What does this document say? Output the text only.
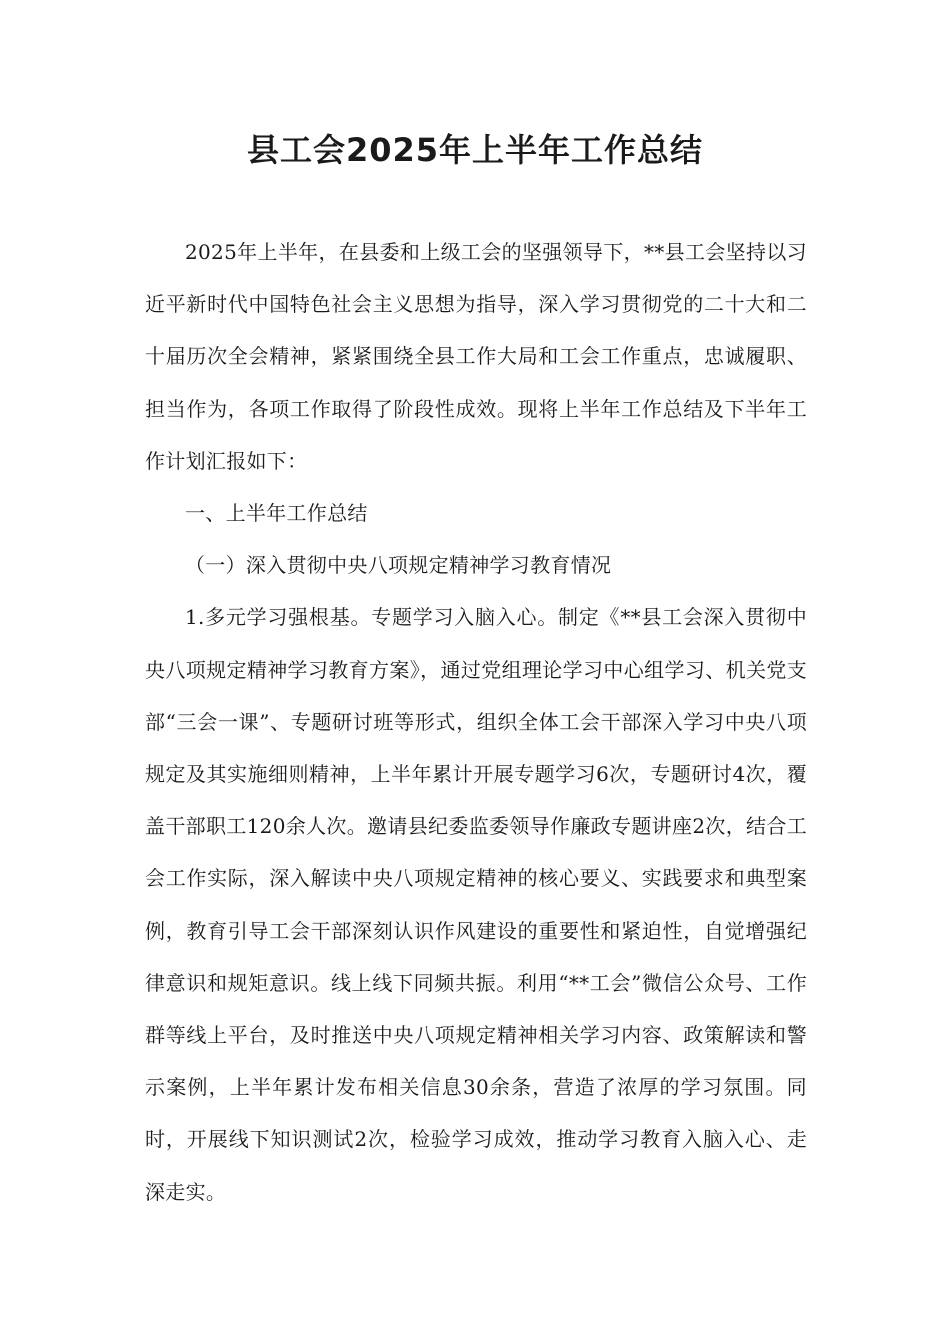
县工会2025年上半年工作总结

2025年上半年，在县委和上级工会的坚强领导下，**县工会坚持以习近平新时代中国特色社会主义思想为指导，深入学习贯彻党的二十大和二十届历次全会精神，紧紧围绕全县工作大局和工会工作重点，忠诚履职、担当作为，各项工作取得了阶段性成效。现将上半年工作总结及下半年工作计划汇报如下：

一、上半年工作总结

（一）深入贯彻中央八项规定精神学习教育情况

1.多元学习强根基。专题学习入脑入心。制定《**县工会深入贯彻中央八项规定精神学习教育方案》，通过党组理论学习中心组学习、机关党支部“三会一课”、专题研讨班等形式，组织全体工会干部深入学习中央八项规定及其实施细则精神，上半年累计开展专题学习6次，专题研讨4次，覆盖干部职工120余人次。邀请县纪委监委领导作廉政专题讲座2次，结合工会工作实际，深入解读中央八项规定精神的核心要义、实践要求和典型案例，教育引导工会干部深刻认识作风建设的重要性和紧迫性，自觉增强纪律意识和规矩意识。线上线下同频共振。利用“**工会”微信公众号、工作群等线上平台，及时推送中央八项规定精神相关学习内容、政策解读和警示案例，上半年累计发布相关信息30余条，营造了浓厚的学习氛围。同时，开展线下知识测试2次，检验学习成效，推动学习教育入脑入心、走深走实。
